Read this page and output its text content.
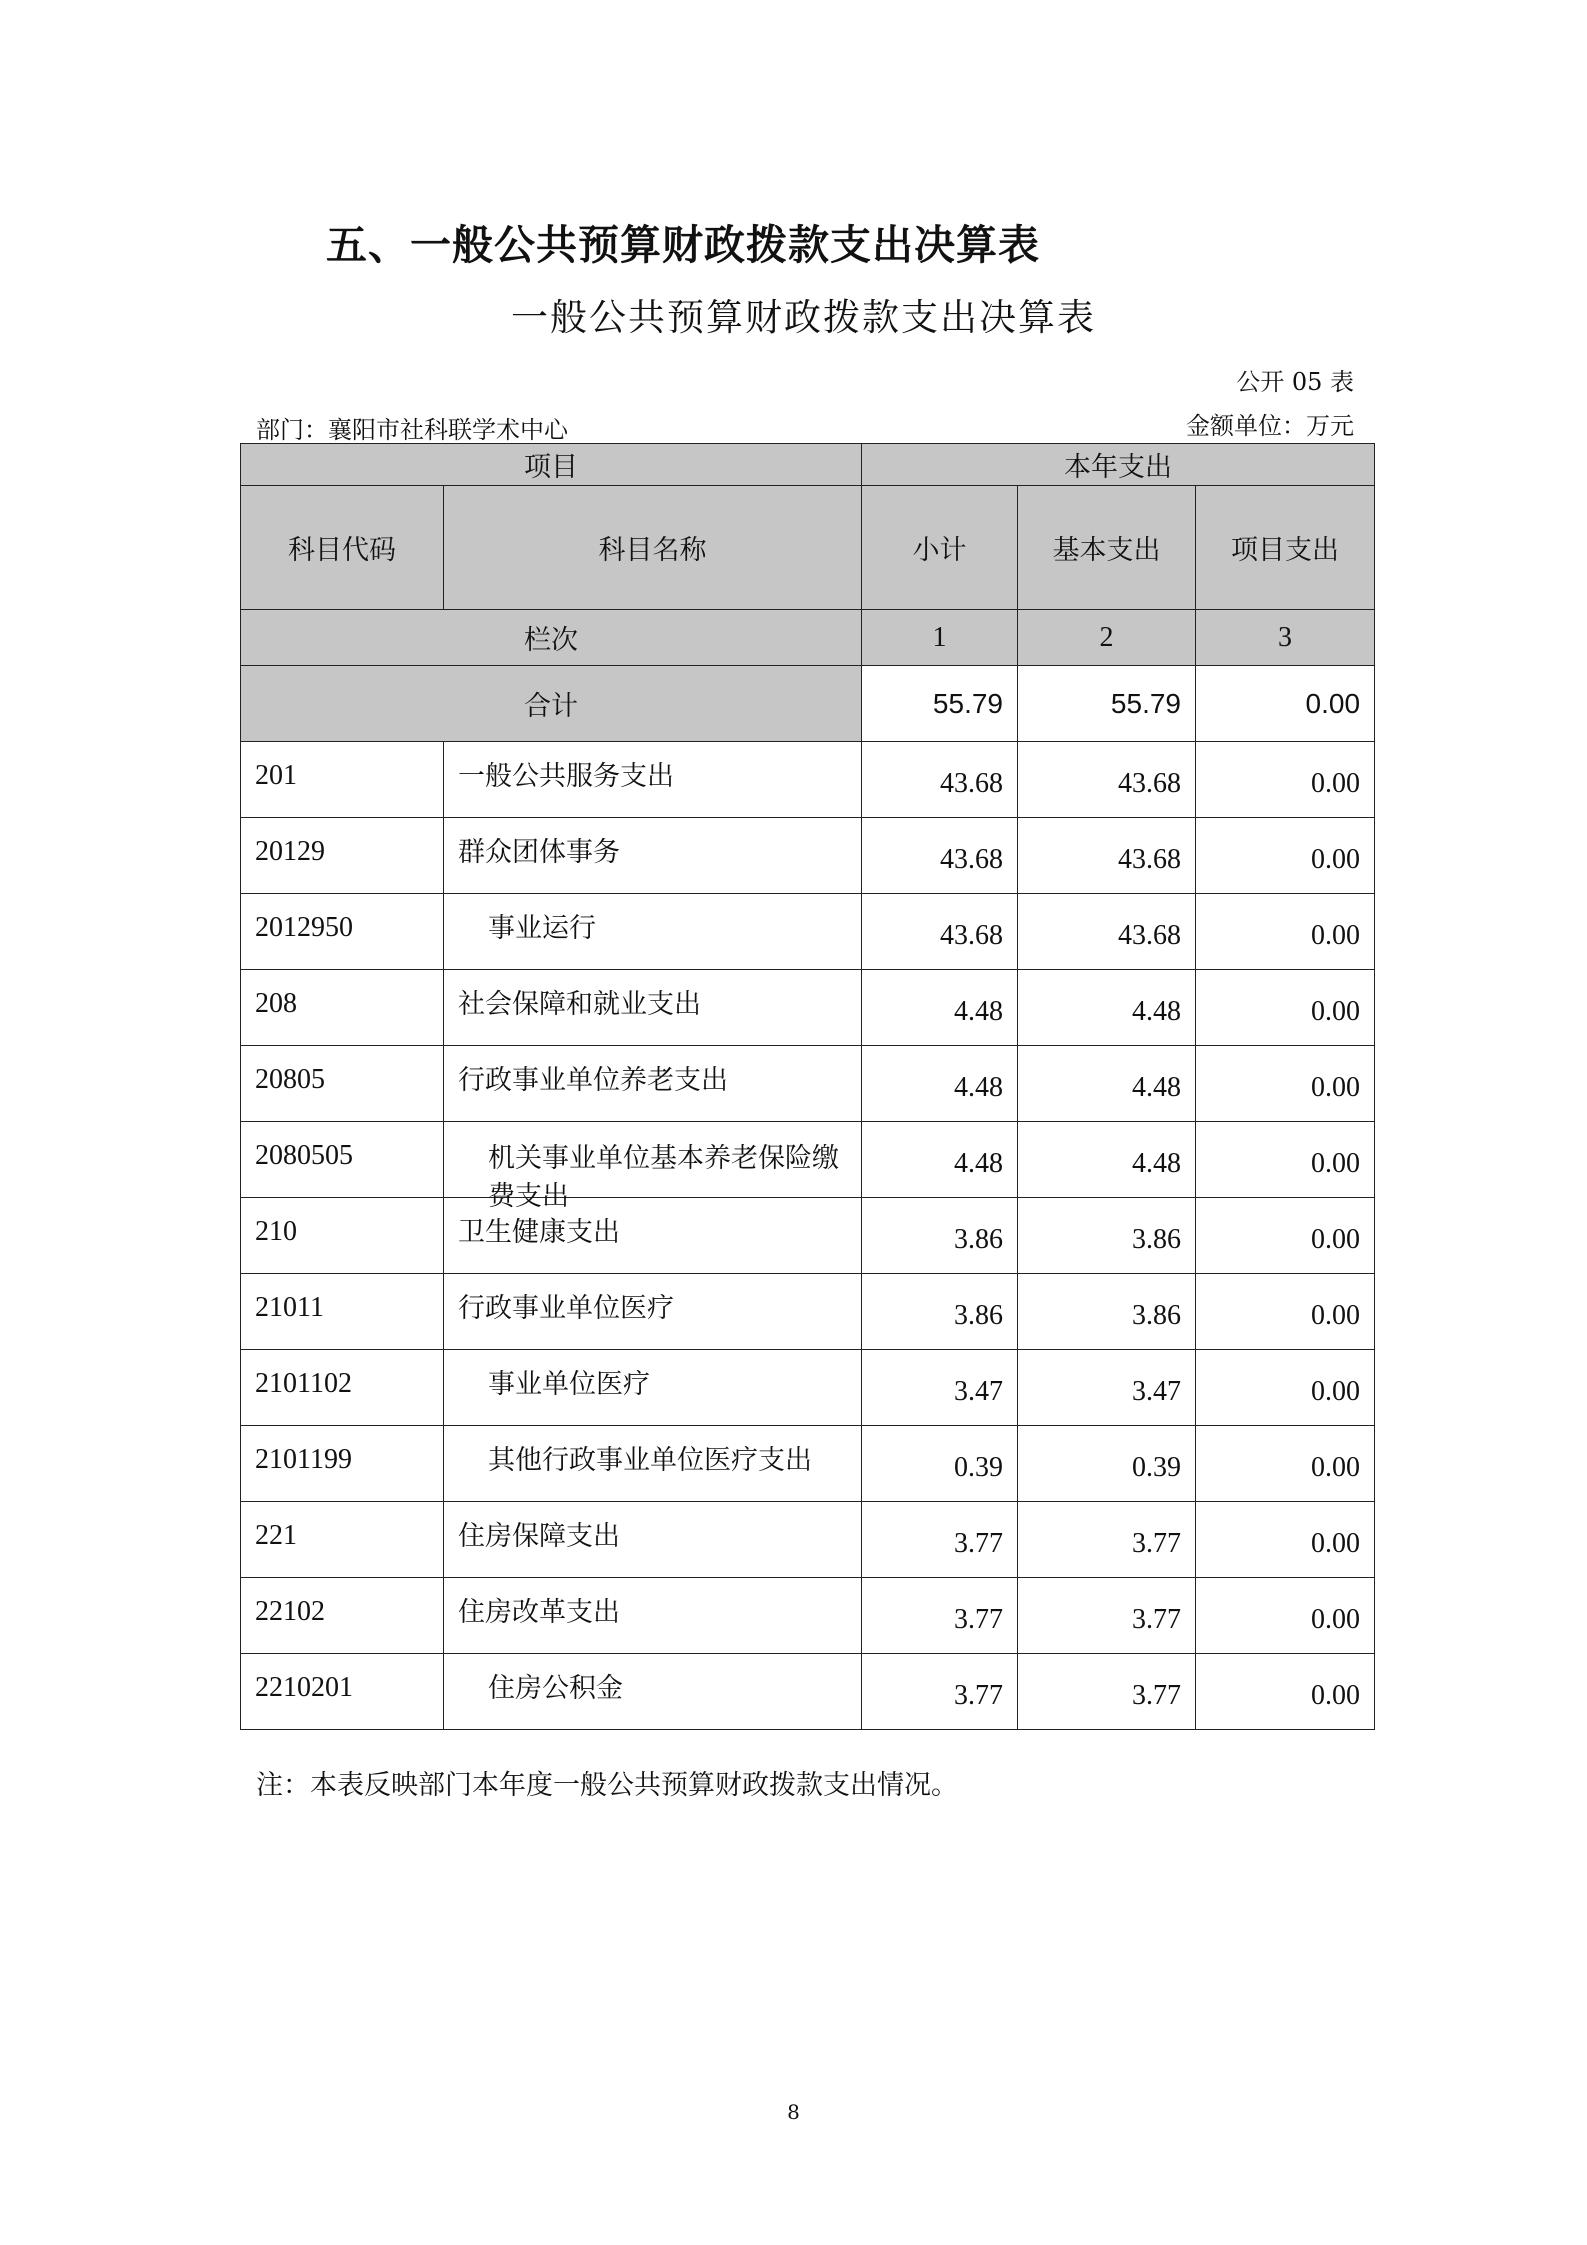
五、一般公共预算财政拨款支出决算表
一般公共预算财政拨款支出决算表
公开 05 表
部门：襄阳市社科联学术中心	金额单位：万元
项目		本年支出		
科目代码	科目名称	小计	基本支出	项目支出
栏次		1	2	3
合计		55.79	55.79	0.00
201	一般公共服务支出	43.68	43.68	0.00
20129	群众团体事务	43.68	43.68	0.00
2012950	事业运行	43.68	43.68	0.00
208	社会保障和就业支出	4.48	4.48	0.00
20805	行政事业单位养老支出	4.48	4.48	0.00
2080505	机关事业单位基本养老保险缴费支出	4.48	4.48	0.00
210	卫生健康支出	3.86	3.86	0.00
21011	行政事业单位医疗	3.86	3.86	0.00
2101102	事业单位医疗	3.47	3.47	0.00
2101199	其他行政事业单位医疗支出	0.39	0.39	0.00
221	住房保障支出	3.77	3.77	0.00
22102	住房改革支出	3.77	3.77	0.00
2210201	住房公积金	3.77	3.77	0.00
注：本表反映部门本年度一般公共预算财政拨款支出情况。
8
